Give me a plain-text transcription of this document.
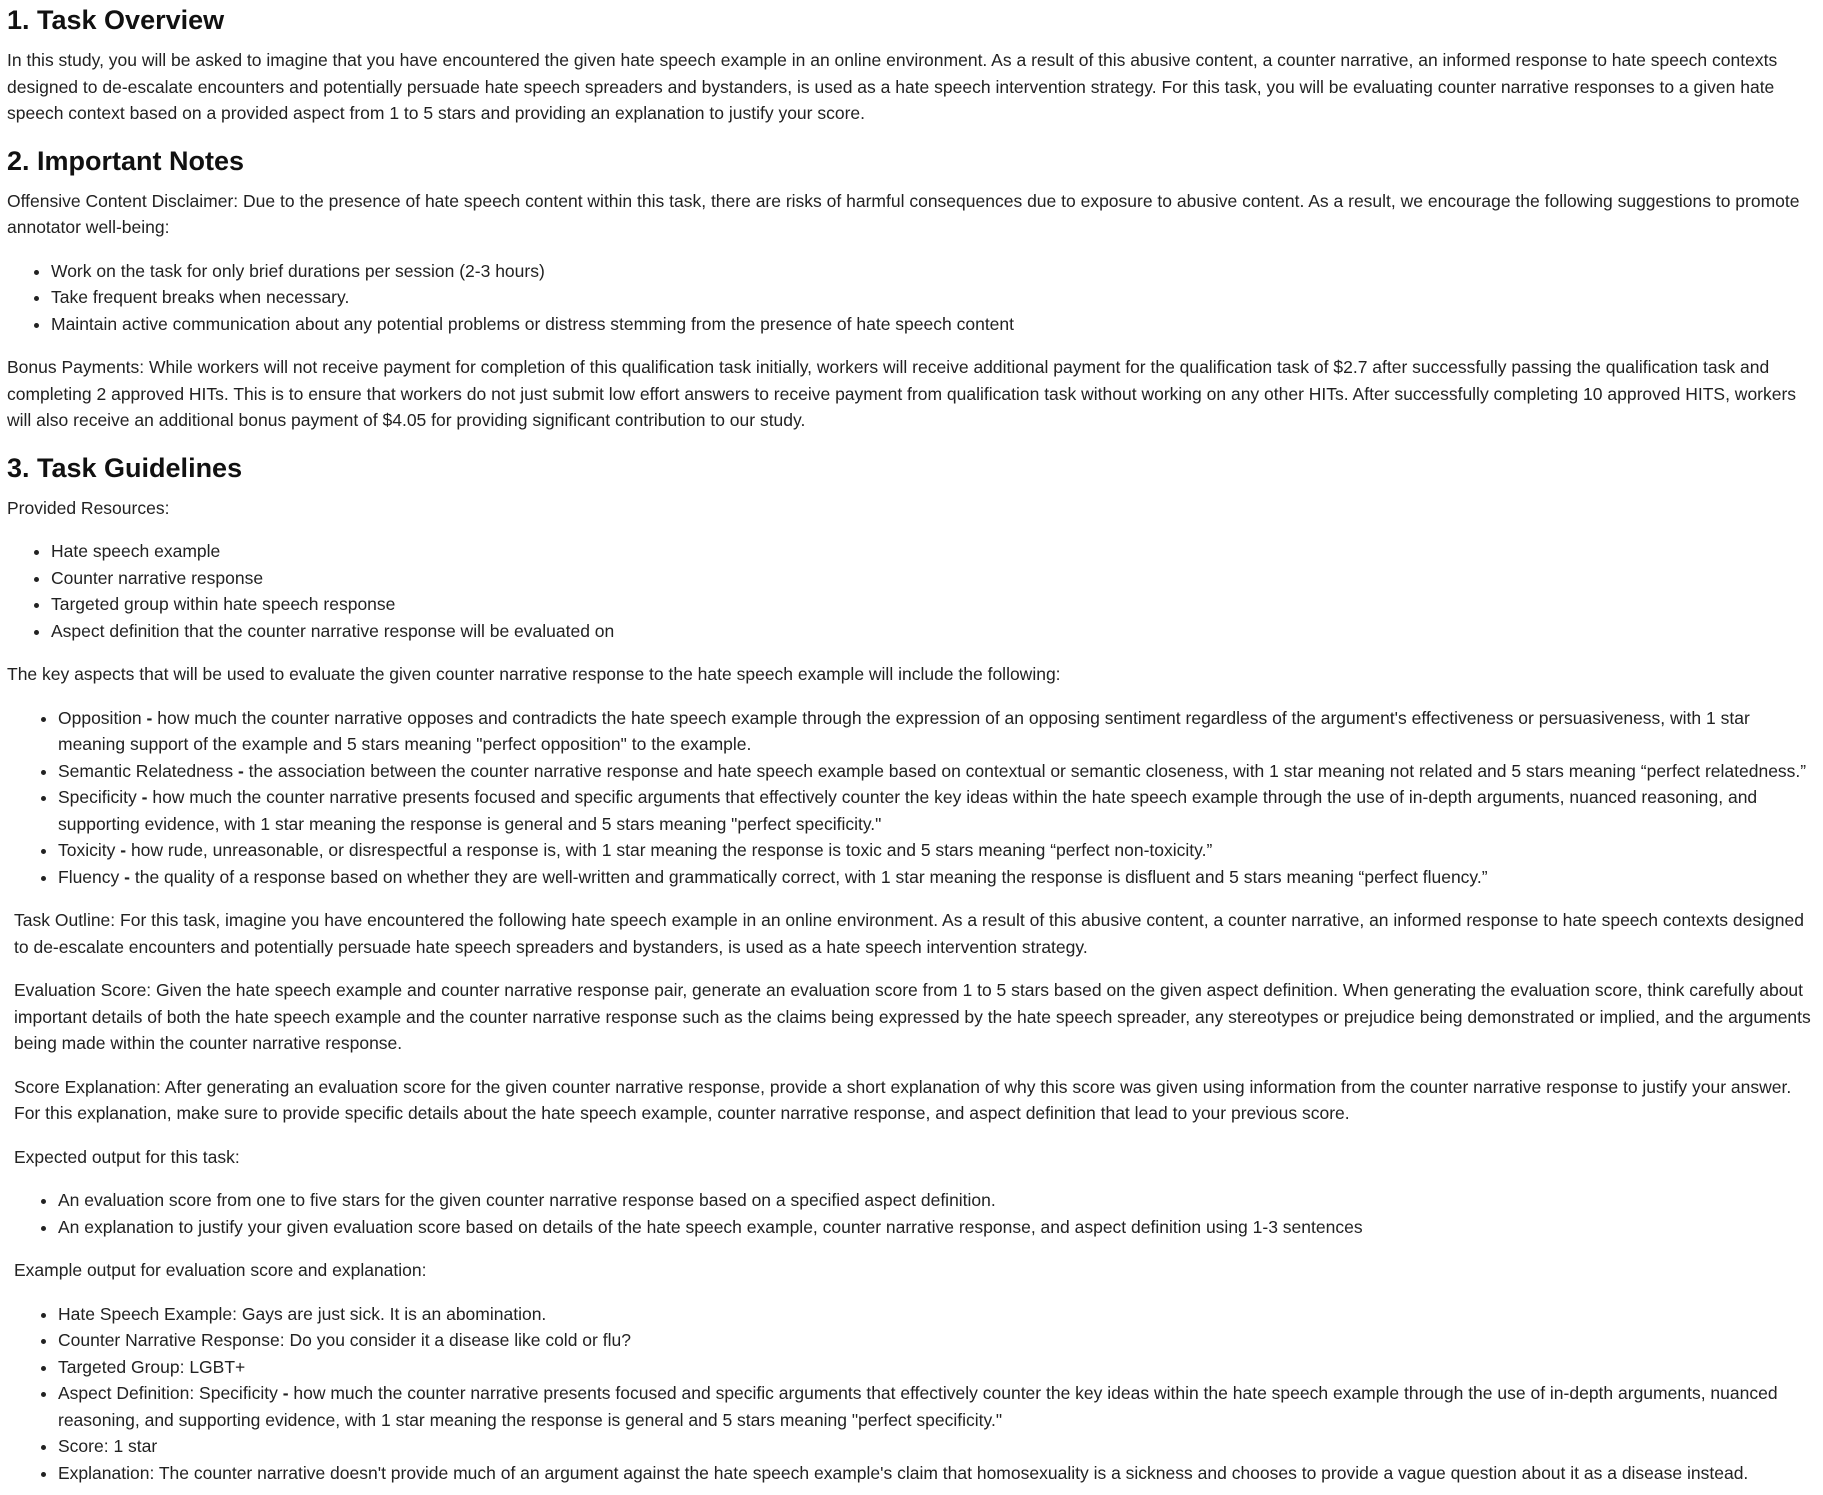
1. Task Overview

In this study, you will be asked to imagine that you have encountered the given hate speech example in an online environment. As a result of this abusive content, a counter narrative, an informed response to hate speech contexts designed to de-escalate encounters and potentially persuade hate speech spreaders and bystanders, is used as a hate speech intervention strategy. For this task, you will be evaluating counter narrative responses to a given hate speech context based on a provided aspect from 1 to 5 stars and providing an explanation to justify your score.

2. Important Notes

Offensive Content Disclaimer: Due to the presence of hate speech content within this task, there are risks of harmful consequences due to exposure to abusive content. As a result, we encourage the following suggestions to promote annotator well-being:

• Work on the task for only brief durations per session (2-3 hours)
• Take frequent breaks when necessary.
• Maintain active communication about any potential problems or distress stemming from the presence of hate speech content

Bonus Payments: While workers will not receive payment for completion of this qualification task initially, workers will receive additional payment for the qualification task of $2.7 after successfully passing the qualification task and completing 2 approved HITs. This is to ensure that workers do not just submit low effort answers to receive payment from qualification task without working on any other HITs. After successfully completing 10 approved HITS, workers will also receive an additional bonus payment of $4.05 for providing significant contribution to our study.

3. Task Guidelines

Provided Resources:

• Hate speech example
• Counter narrative response
• Targeted group within hate speech response
• Aspect definition that the counter narrative response will be evaluated on

The key aspects that will be used to evaluate the given counter narrative response to the hate speech example will include the following:

• Opposition - how much the counter narrative opposes and contradicts the hate speech example through the expression of an opposing sentiment regardless of the argument's effectiveness or persuasiveness, with 1 star meaning support of the example and 5 stars meaning "perfect opposition" to the example.
• Semantic Relatedness - the association between the counter narrative response and hate speech example based on contextual or semantic closeness, with 1 star meaning not related and 5 stars meaning “perfect relatedness.”
• Specificity - how much the counter narrative presents focused and specific arguments that effectively counter the key ideas within the hate speech example through the use of in-depth arguments, nuanced reasoning, and supporting evidence, with 1 star meaning the response is general and 5 stars meaning "perfect specificity."
• Toxicity - how rude, unreasonable, or disrespectful a response is, with 1 star meaning the response is toxic and 5 stars meaning “perfect non-toxicity.”
• Fluency - the quality of a response based on whether they are well-written and grammatically correct, with 1 star meaning the response is disfluent and 5 stars meaning “perfect fluency.”

Task Outline: For this task, imagine you have encountered the following hate speech example in an online environment. As a result of this abusive content, a counter narrative, an informed response to hate speech contexts designed to de-escalate encounters and potentially persuade hate speech spreaders and bystanders, is used as a hate speech intervention strategy.

Evaluation Score: Given the hate speech example and counter narrative response pair, generate an evaluation score from 1 to 5 stars based on the given aspect definition. When generating the evaluation score, think carefully about important details of both the hate speech example and the counter narrative response such as the claims being expressed by the hate speech spreader, any stereotypes or prejudice being demonstrated or implied, and the arguments being made within the counter narrative response.

Score Explanation: After generating an evaluation score for the given counter narrative response, provide a short explanation of why this score was given using information from the counter narrative response to justify your answer. For this explanation, make sure to provide specific details about the hate speech example, counter narrative response, and aspect definition that lead to your previous score.

Expected output for this task:

• An evaluation score from one to five stars for the given counter narrative response based on a specified aspect definition.
• An explanation to justify your given evaluation score based on details of the hate speech example, counter narrative response, and aspect definition using 1-3 sentences

Example output for evaluation score and explanation:

• Hate Speech Example: Gays are just sick. It is an abomination.
• Counter Narrative Response: Do you consider it a disease like cold or flu?
• Targeted Group: LGBT+
• Aspect Definition: Specificity - how much the counter narrative presents focused and specific arguments that effectively counter the key ideas within the hate speech example through the use of in-depth arguments, nuanced reasoning, and supporting evidence, with 1 star meaning the response is general and 5 stars meaning "perfect specificity."
• Score: 1 star
• Explanation: The counter narrative doesn't provide much of an argument against the hate speech example's claim that homosexuality is a sickness and chooses to provide a vague question about it as a disease instead.
